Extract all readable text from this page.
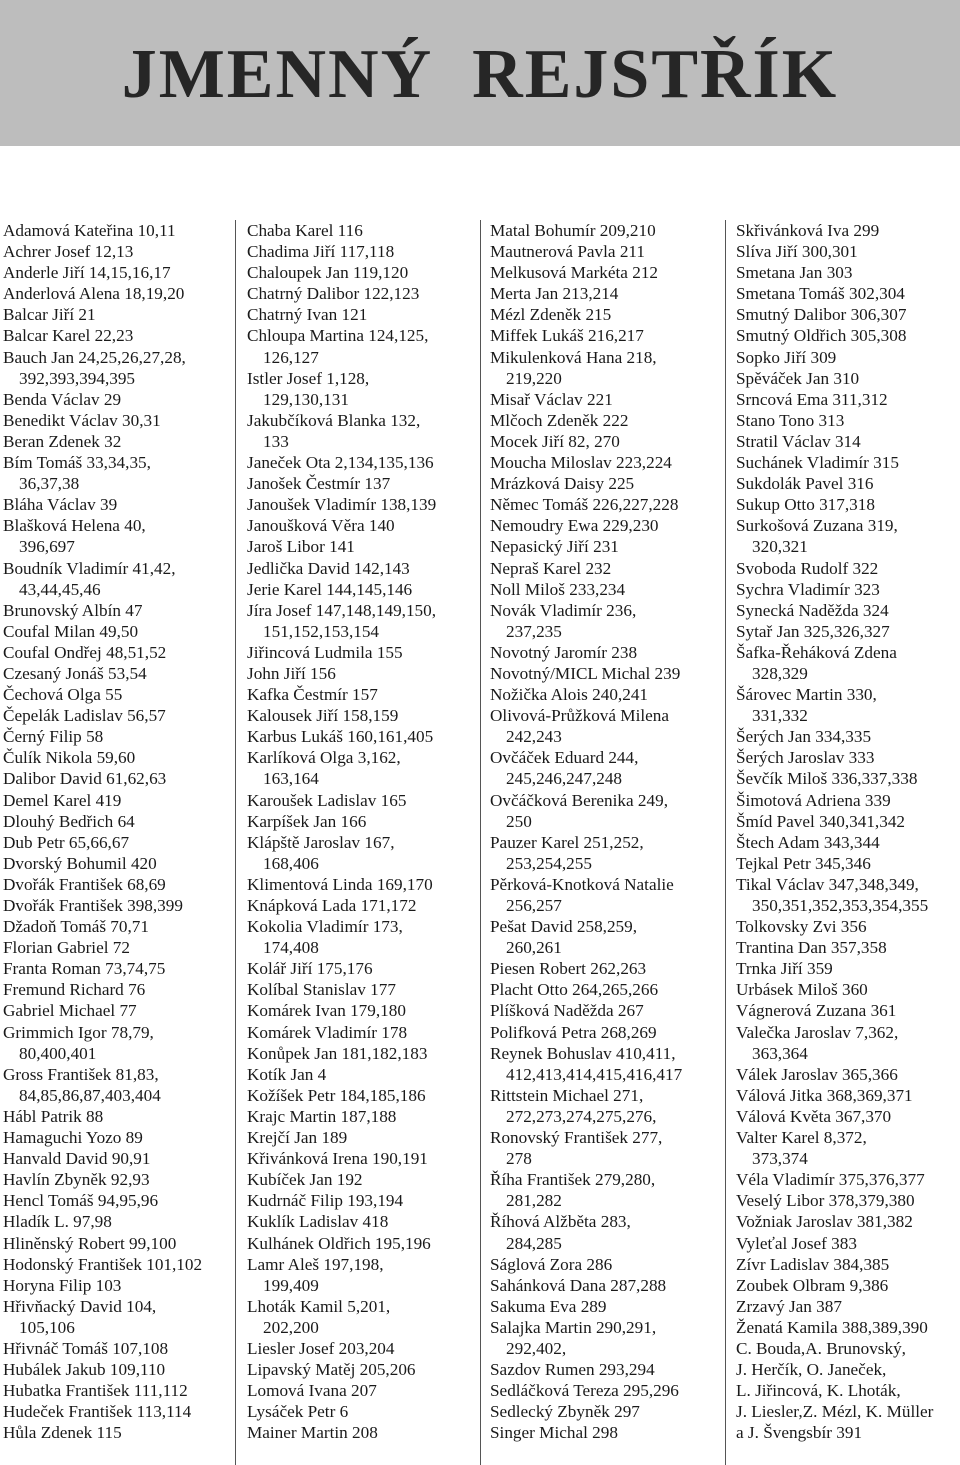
JMENNÝ  REJSTŘÍK
Adamová Kateřina 10,11
Achrer Josef 12,13
Anderle Jiří 14,15,16,17
Anderlová Alena 18,19,20
Balcar Jiří 21
Balcar Karel 22,23
Bauch Jan 24,25,26,27,28,
392,393,394,395
Benda Václav 29
Benedikt Václav 30,31
Beran Zdenek 32
Bím Tomáš 33,34,35,
36,37,38
Bláha Václav 39
Blašková Helena 40,
396,697
Boudník Vladimír 41,42,
43,44,45,46
Brunovský Albín 47
Coufal Milan 49,50
Coufal Ondřej 48,51,52
Czesaný Jonáš 53,54
Čechová Olga 55
Čepelák Ladislav 56,57
Černý Filip 58
Čulík Nikola 59,60
Dalibor David 61,62,63
Demel Karel 419
Dlouhý Bedřich 64
Dub Petr 65,66,67
Dvorský Bohumil 420
Dvořák František 68,69
Dvořák František 398,399
Džadoň Tomáš 70,71
Florian Gabriel 72
Franta Roman 73,74,75
Fremund Richard 76
Gabriel Michael 77
Grimmich Igor 78,79,
80,400,401
Gross František 81,83,
84,85,86,87,403,404
Hábl Patrik 88
Hamaguchi Yozo 89
Hanvald David 90,91
Havlín Zbyněk 92,93
Hencl Tomáš 94,95,96
Hladík L. 97,98
Hliněnský Robert 99,100
Hodonský František 101,102
Horyna Filip 103
Hřivňacký David 104,
105,106
Hřivnáč Tomáš 107,108
Hubálek Jakub 109,110
Hubatka František 111,112
Hudeček František 113,114
Hůla Zdenek 115
Chaba Karel 116
Chadima Jiří 117,118
Chaloupek Jan 119,120
Chatrný Dalibor 122,123
Chatrný Ivan 121
Chloupa Martina 124,125,
126,127
Istler Josef 1,128,
129,130,131
Jakubčíková Blanka 132,
133
Janeček Ota 2,134,135,136
Janošek Čestmír 137
Janoušek Vladimír 138,139
Janoušková Věra 140
Jaroš Libor 141
Jedlička David 142,143
Jerie Karel 144,145,146
Jíra Josef 147,148,149,150,
151,152,153,154
Jiřincová Ludmila 155
John Jiří 156
Kafka Čestmír 157
Kalousek Jiří 158,159
Karbus Lukáš 160,161,405
Karlíková Olga 3,162,
163,164
Karoušek Ladislav 165
Karpíšek Jan 166
Klápště Jaroslav 167,
168,406
Klimentová Linda 169,170
Knápková Lada 171,172
Kokolia Vladimír 173,
174,408
Kolář Jiří 175,176
Kolíbal Stanislav 177
Komárek Ivan 179,180
Komárek Vladimír 178
Konůpek Jan 181,182,183
Kotík Jan 4
Kožíšek Petr 184,185,186
Krajc Martin 187,188
Krejčí Jan 189
Křivánková Irena 190,191
Kubíček Jan 192
Kudrnáč Filip 193,194
Kuklík Ladislav 418
Kulhánek Oldřich 195,196
Lamr Aleš 197,198,
199,409
Lhoták Kamil 5,201,
202,200
Liesler Josef 203,204
Lipavský Matěj 205,206
Lomová Ivana 207
Lysáček Petr 6
Mainer Martin 208
Matal Bohumír 209,210
Mautnerová Pavla 211
Melkusová Markéta 212
Merta Jan 213,214
Mézl Zdeněk 215
Miffek Lukáš 216,217
Mikulenková Hana 218,
219,220
Misař Václav 221
Mlčoch Zdeněk 222
Mocek Jiří 82, 270
Moucha Miloslav 223,224
Mrázková Daisy 225
Němec Tomáš 226,227,228
Nemoudry Ewa 229,230
Nepasický Jiří 231
Nepraš Karel 232
Noll Miloš 233,234
Novák Vladimír 236,
237,235
Novotný Jaromír 238
Novotný/MICL Michal 239
Nožička Alois 240,241
Olivová-Průžková Milena
242,243
Ovčáček Eduard 244,
245,246,247,248
Ovčáčková Berenika 249,
250
Pauzer Karel 251,252,
253,254,255
Pěrková-Knotková Natalie
256,257
Pešat David 258,259,
260,261
Piesen Robert 262,263
Placht Otto 264,265,266
Plíšková Naděžda 267
Polifková Petra 268,269
Reynek Bohuslav 410,411,
412,413,414,415,416,417
Rittstein Michael 271,
272,273,274,275,276,
Ronovský František 277,
278
Říha František 279,280,
281,282
Říhová Alžběta 283,
284,285
Ságlová Zora 286
Sahánková Dana 287,288
Sakuma Eva 289
Salajka Martin 290,291,
292,402,
Sazdov Rumen 293,294
Sedláčková Tereza 295,296
Sedlecký Zbyněk 297
Singer Michal 298
Skřivánková Iva 299
Slíva Jiří 300,301
Smetana Jan 303
Smetana Tomáš 302,304
Smutný Dalibor 306,307
Smutný Oldřich 305,308
Sopko Jiří 309
Spěváček Jan 310
Srncová Ema 311,312
Stano Tono 313
Stratil Václav 314
Suchánek Vladimír 315
Sukdolák Pavel 316
Sukup Otto 317,318
Surkošová Zuzana 319,
320,321
Svoboda Rudolf 322
Sychra Vladimír 323
Synecká Naděžda 324
Sytař Jan 325,326,327
Šafka-Řeháková Zdena
328,329
Šárovec Martin 330,
331,332
Šerých Jan 334,335
Šerých Jaroslav 333
Ševčík Miloš 336,337,338
Šimotová Adriena 339
Šmíd Pavel 340,341,342
Štech Adam 343,344
Tejkal Petr 345,346
Tikal Václav 347,348,349,
350,351,352,353,354,355
Tolkovsky Zvi 356
Trantina Dan 357,358
Trnka Jiří 359
Urbásek Miloš 360
Vágnerová Zuzana 361
Valečka Jaroslav 7,362,
363,364
Válek Jaroslav 365,366
Válová Jitka 368,369,371
Válová Květa 367,370
Valter Karel 8,372,
373,374
Véla Vladimír 375,376,377
Veselý Libor 378,379,380
Vožniak Jaroslav 381,382
Vyleťal Josef 383
Zívr Ladislav 384,385
Zoubek Olbram 9,386
Zrzavý Jan 387
Ženatá Kamila 388,389,390
C. Bouda,A. Brunovský,
J. Herčík, O. Janeček,
L. Jiřincová, K. Lhoták,
J. Liesler,Z. Mézl, K. Müller
a J. Švengsbír 391
